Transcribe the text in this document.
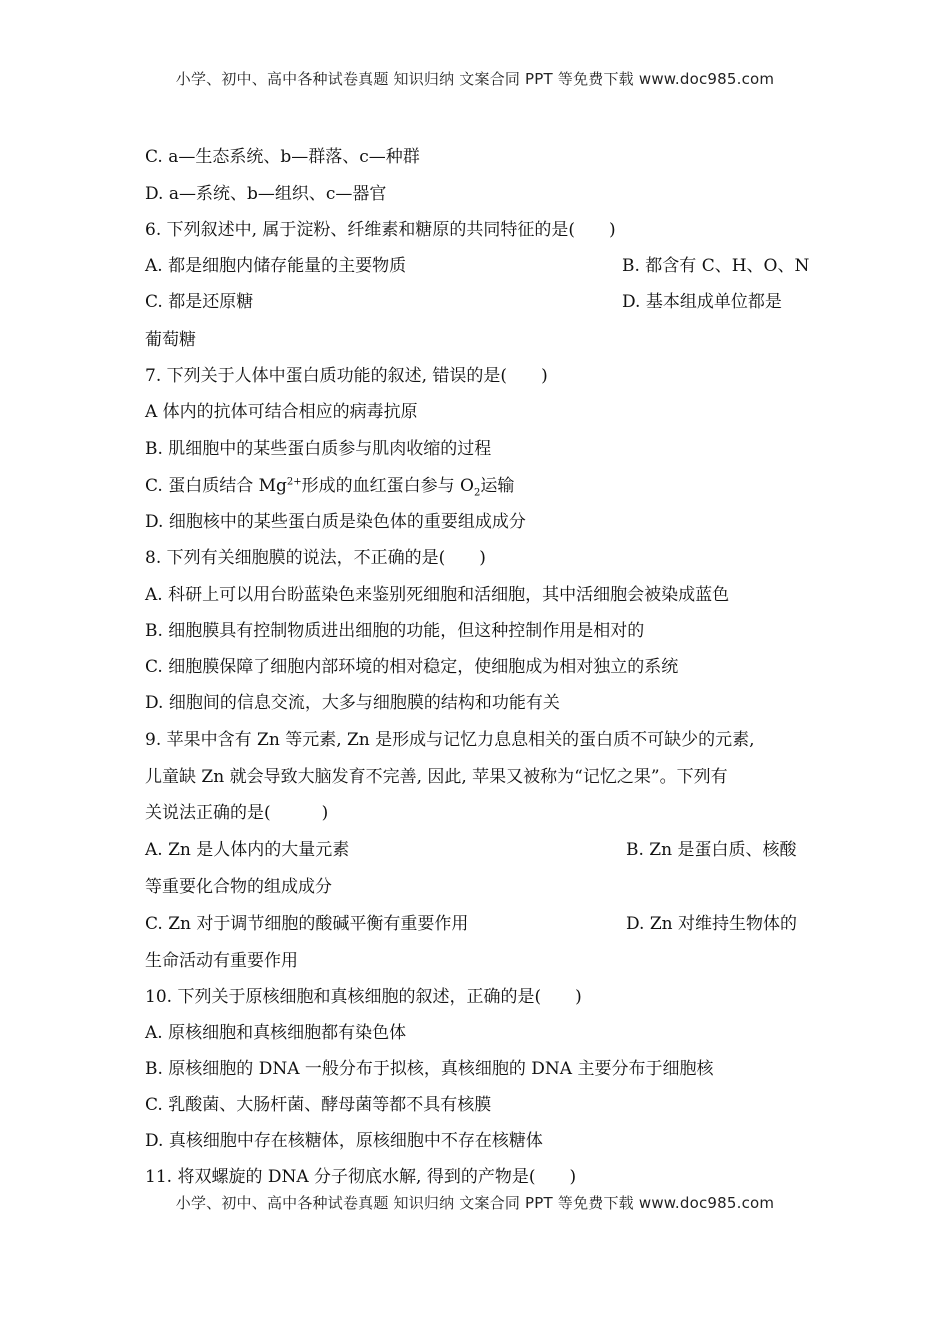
小学、初中、高中各种试卷真题 知识归纳 文案合同 PPT 等免费下载 www.doc985.com

C. a—生态系统、b—群落、c—种群

D. a—系统、b—组织、c—器官

6. 下列叙述中, 属于淀粉、纤维素和糖原的共同特征的是(　　)

A. 都是细胞内储存能量的主要物质	B. 都含有 C、H、O、N

C. 都是还原糖	D. 基本组成单位都是

葡萄糖

7. 下列关于人体中蛋白质功能的叙述, 错误的是(　　)

A 体内的抗体可结合相应的病毒抗原

B. 肌细胞中的某些蛋白质参与肌肉收缩的过程

C. 蛋白质结合 $Mg^{2+}$形成的血红蛋白参与 $O_2$运输

D. 细胞核中的某些蛋白质是染色体的重要组成成分

8. 下列有关细胞膜的说法，不正确的是(　　)

A. 科研上可以用台盼蓝染色来鉴别死细胞和活细胞，其中活细胞会被染成蓝色

B. 细胞膜具有控制物质进出细胞的功能，但这种控制作用是相对的

C. 细胞膜保障了细胞内部环境的相对稳定，使细胞成为相对独立的系统

D. 细胞间的信息交流，大多与细胞膜的结构和功能有关

9. 苹果中含有 Zn 等元素, Zn 是形成与记忆力息息相关的蛋白质不可缺少的元素,

儿童缺 Zn 就会导致大脑发育不完善, 因此, 苹果又被称为“记忆之果”。下列有

关说法正确的是(　　　)

A. Zn 是人体内的大量元素	B. Zn 是蛋白质、核酸

等重要化合物的组成成分

C. Zn 对于调节细胞的酸碱平衡有重要作用	D. Zn 对维持生物体的

生命活动有重要作用

10. 下列关于原核细胞和真核细胞的叙述，正确的是(　　)

A. 原核细胞和真核细胞都有染色体

B. 原核细胞的 DNA 一般分布于拟核，真核细胞的 DNA 主要分布于细胞核

C. 乳酸菌、大肠杆菌、酵母菌等都不具有核膜

D. 真核细胞中存在核糖体，原核细胞中不存在核糖体

11. 将双螺旋的 DNA 分子彻底水解, 得到的产物是(　　)

小学、初中、高中各种试卷真题 知识归纳 文案合同 PPT 等免费下载 www.doc985.com
